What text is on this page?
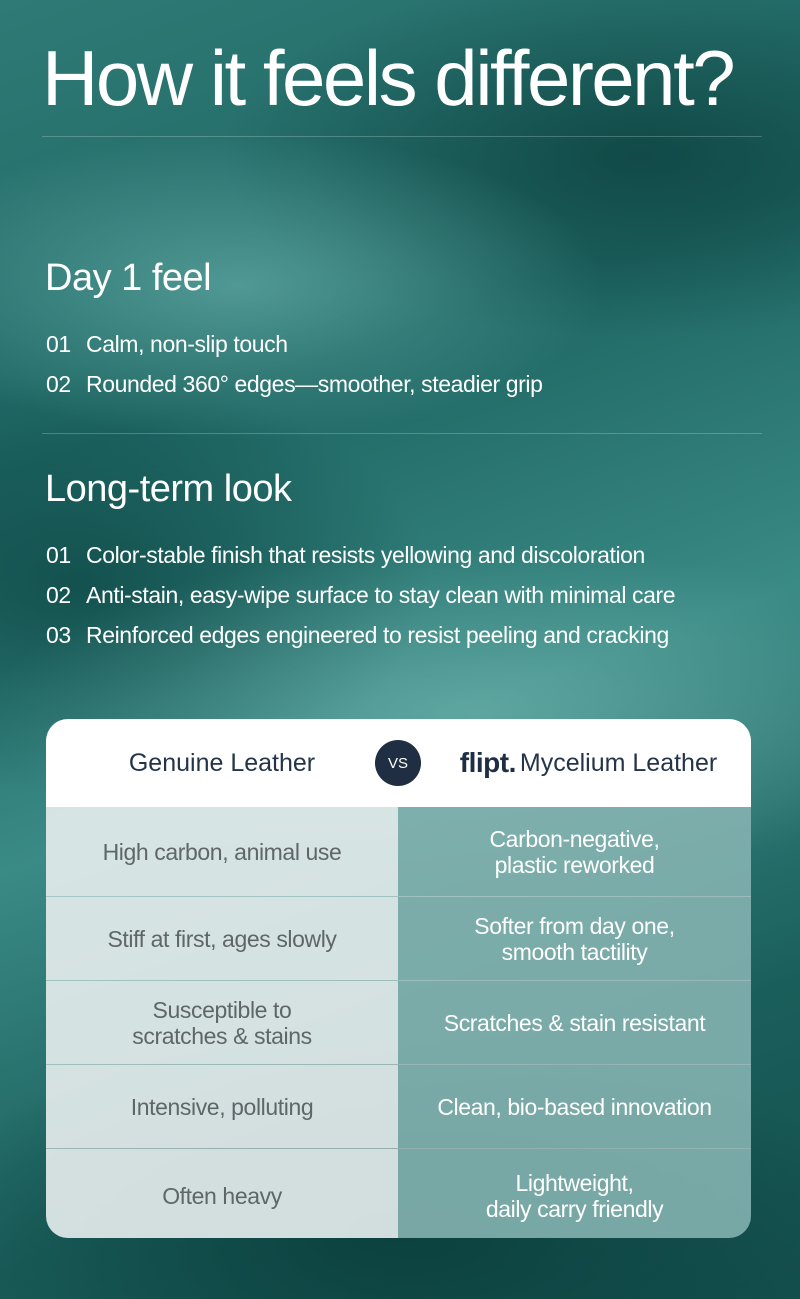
How it feels different?
Day 1 feel
01 Calm, non-slip touch
02 Rounded 360° edges—smoother, steadier grip
Long-term look
01 Color-stable finish that resists yellowing and discoloration
02 Anti-stain, easy-wipe surface to stay clean with minimal care
03 Reinforced edges engineered to resist peeling and cracking
Genuine Leather	VS	flipt. Mycelium Leather
High carbon, animal use	Carbon-negative,
plastic reworked
Stiff at first, ages slowly	Softer from day one,
smooth tactility
Susceptible to
scratches & stains	Scratches & stain resistant
Intensive, polluting	Clean, bio-based innovation
Often heavy	Lightweight,
daily carry friendly
